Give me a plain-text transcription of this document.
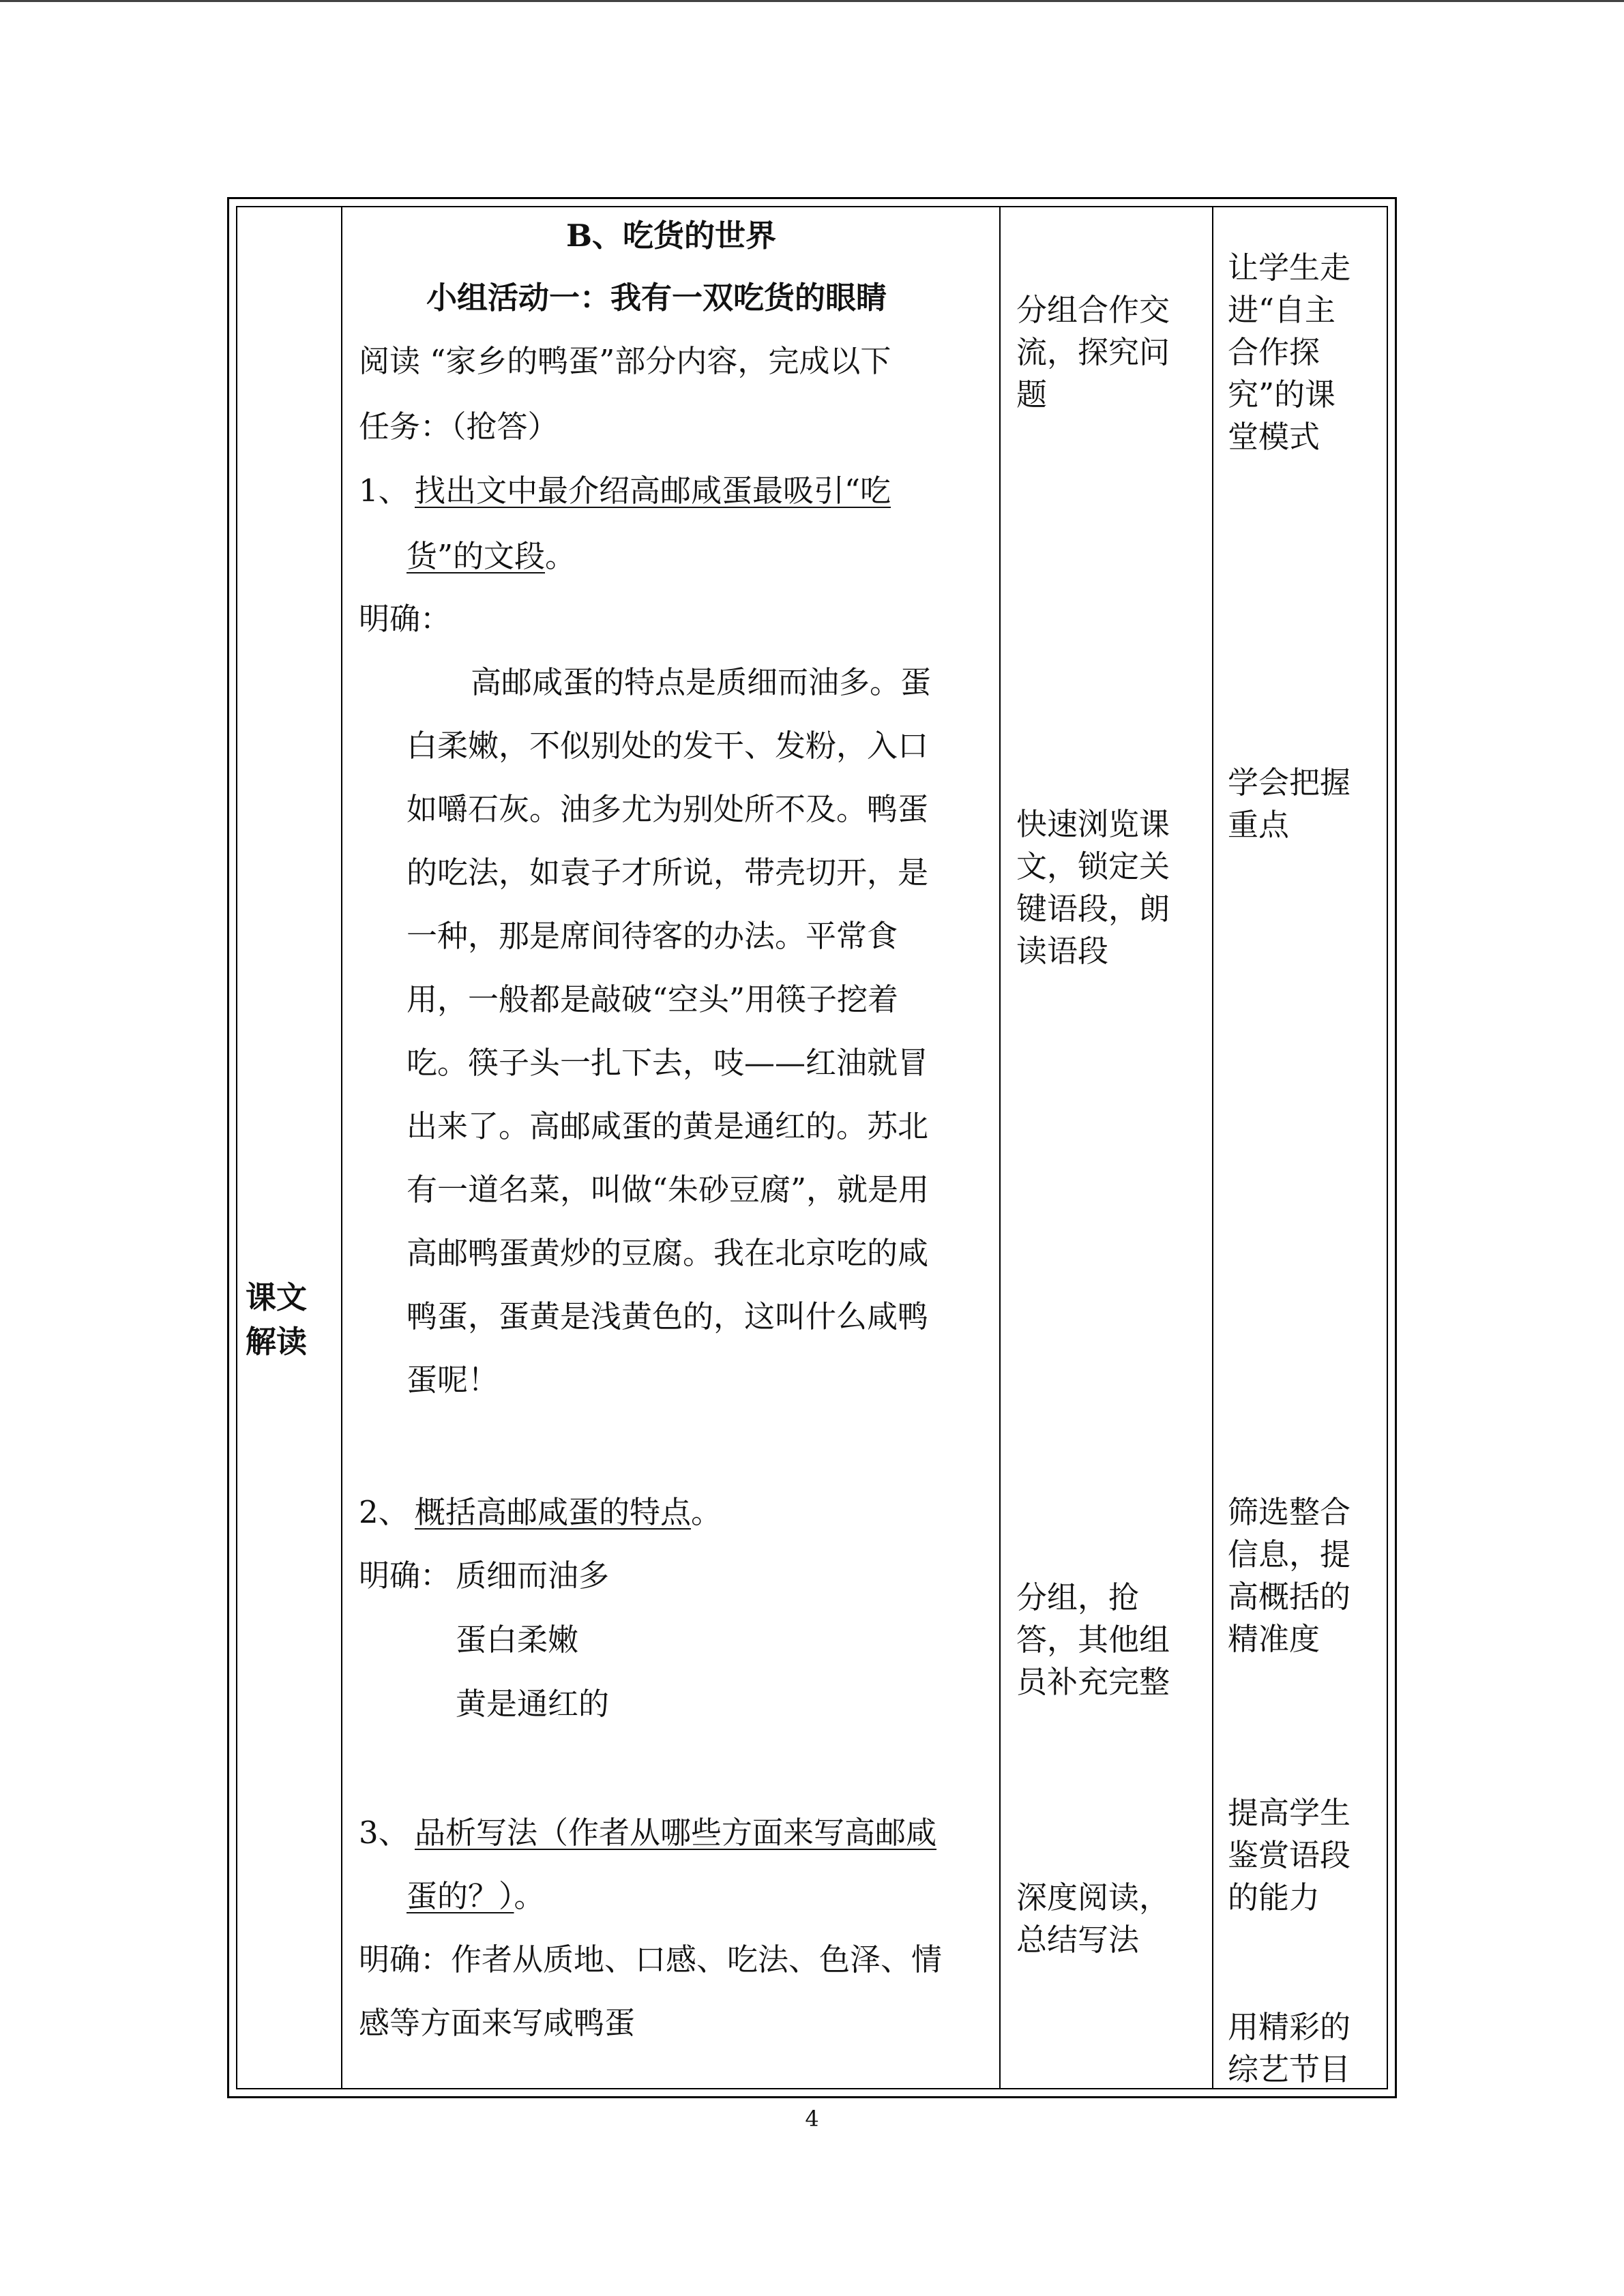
课文
解读
B、吃货的世界
小组活动一：我有一双吃货的眼睛
阅读 “家乡的鸭蛋”部分内容，完成以下
任务：（抢答）
1、 找出文中最介绍高邮咸蛋最吸引“吃
货”的文段。
明确：
高邮咸蛋的特点是质细而油多。蛋
白柔嫩，不似别处的发干、发粉，入口
如嚼石灰。油多尤为别处所不及。鸭蛋
的吃法，如袁子才所说，带壳切开，是
一种，那是席间待客的办法。平常食
用，一般都是敲破“空头”用筷子挖着
吃。筷子头一扎下去，吱——红油就冒
出来了。高邮咸蛋的黄是通红的。苏北
有一道名菜，叫做“朱砂豆腐”，就是用
高邮鸭蛋黄炒的豆腐。我在北京吃的咸
鸭蛋，蛋黄是浅黄色的，这叫什么咸鸭
蛋呢！
2、 概括高邮咸蛋的特点。
明确： 质细而油多
蛋白柔嫩
黄是通红的
3、 品析写法（作者从哪些方面来写高邮咸
蛋的？）。
明确：作者从质地、口感、吃法、色泽、情
感等方面来写咸鸭蛋
分组合作交
流，探究问
题
快速浏览课
文，锁定关
键语段，朗
读语段
分组，抢
答，其他组
员补充完整
深度阅读，
总结写法
让学生走
进“自主
合作探
究”的课
堂模式
学会把握
重点
筛选整合
信息，提
高概括的
精准度
提高学生
鉴赏语段
的能力
用精彩的
综艺节目
4
